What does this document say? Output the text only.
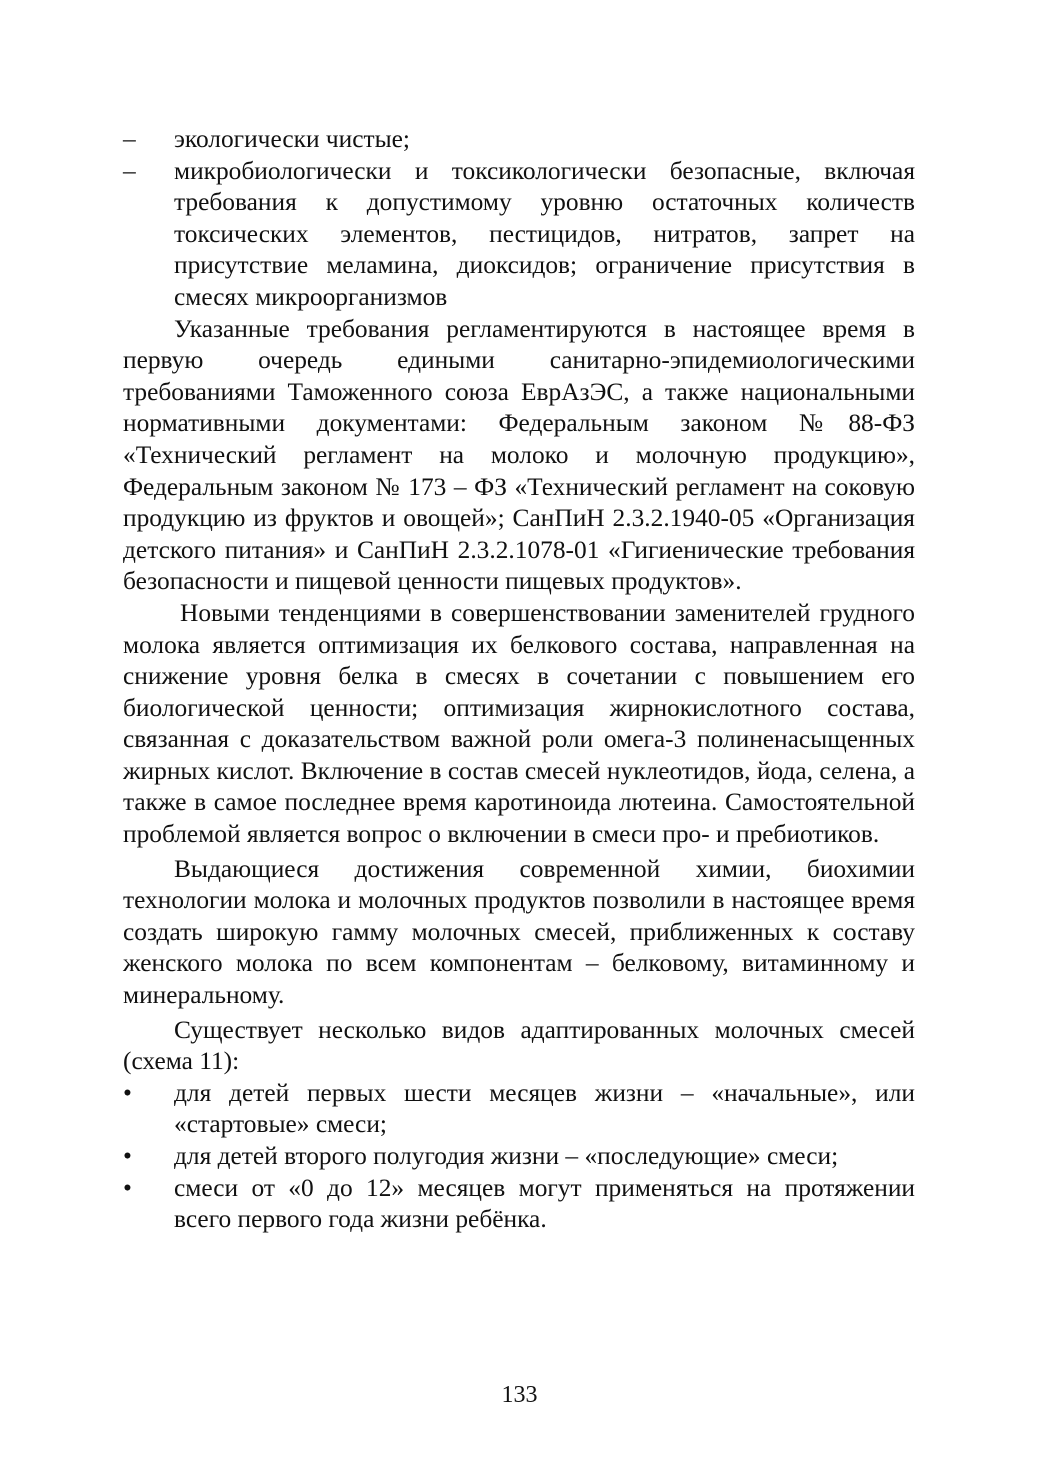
–	экологически чистые;
–	микробиологически и токсикологически безопасные, включая требования к допустимому уровню остаточных количеств токсических элементов, пестицидов, нитратов, запрет на присутствие меламина, диоксидов; ограничение присутствия в смесях микроорганизмов

Указанные требования регламентируются в настоящее время в первую очередь едиными санитарно-эпидемиологическими требованиями Таможенного союза ЕврАзЭС, а также национальными нормативными документами: Федеральным законом №88-ФЗ «Технический регламент на молоко и молочную продукцию», Федеральным законом № 173 – ФЗ «Технический регламент на соковую продукцию из фруктов и овощей»; СанПиН 2.3.2.1940-05 «Организация детского питания» и СанПиН 2.3.2.1078-01 «Гигиенические требования безопасности и пищевой ценности пищевых продуктов».

Новыми тенденциями в совершенствовании заменителей грудного молока является оптимизация их белкового состава, направленная на снижение уровня белка в смесях в сочетании с повышением его биологической ценности; оптимизация жирнокислотного состава, связанная с доказательством важной роли омега-3 полиненасыщенных жирных кислот. Включение в состав смесей нуклеотидов, йода, селена, а также в самое последнее время каротиноида лютеина. Самостоятельной проблемой является вопрос о включении в смеси про- и пребиотиков.

Выдающиеся достижения современной химии, биохимии технологии молока и молочных продуктов позволили в настоящее время создать широкую гамму молочных смесей, приближенных к составу женского молока по всем компонентам – белковому, витаминному и минеральному.

Существует несколько видов адаптированных молочных смесей (схема 11):

•	для детей первых шести месяцев жизни – «начальные», или «стартовые» смеси;
•	для детей второго полугодия жизни – «последующие» смеси;
•	смеси от «0 до 12» месяцев могут применяться на протяжении всего первого года жизни ребёнка.
133
